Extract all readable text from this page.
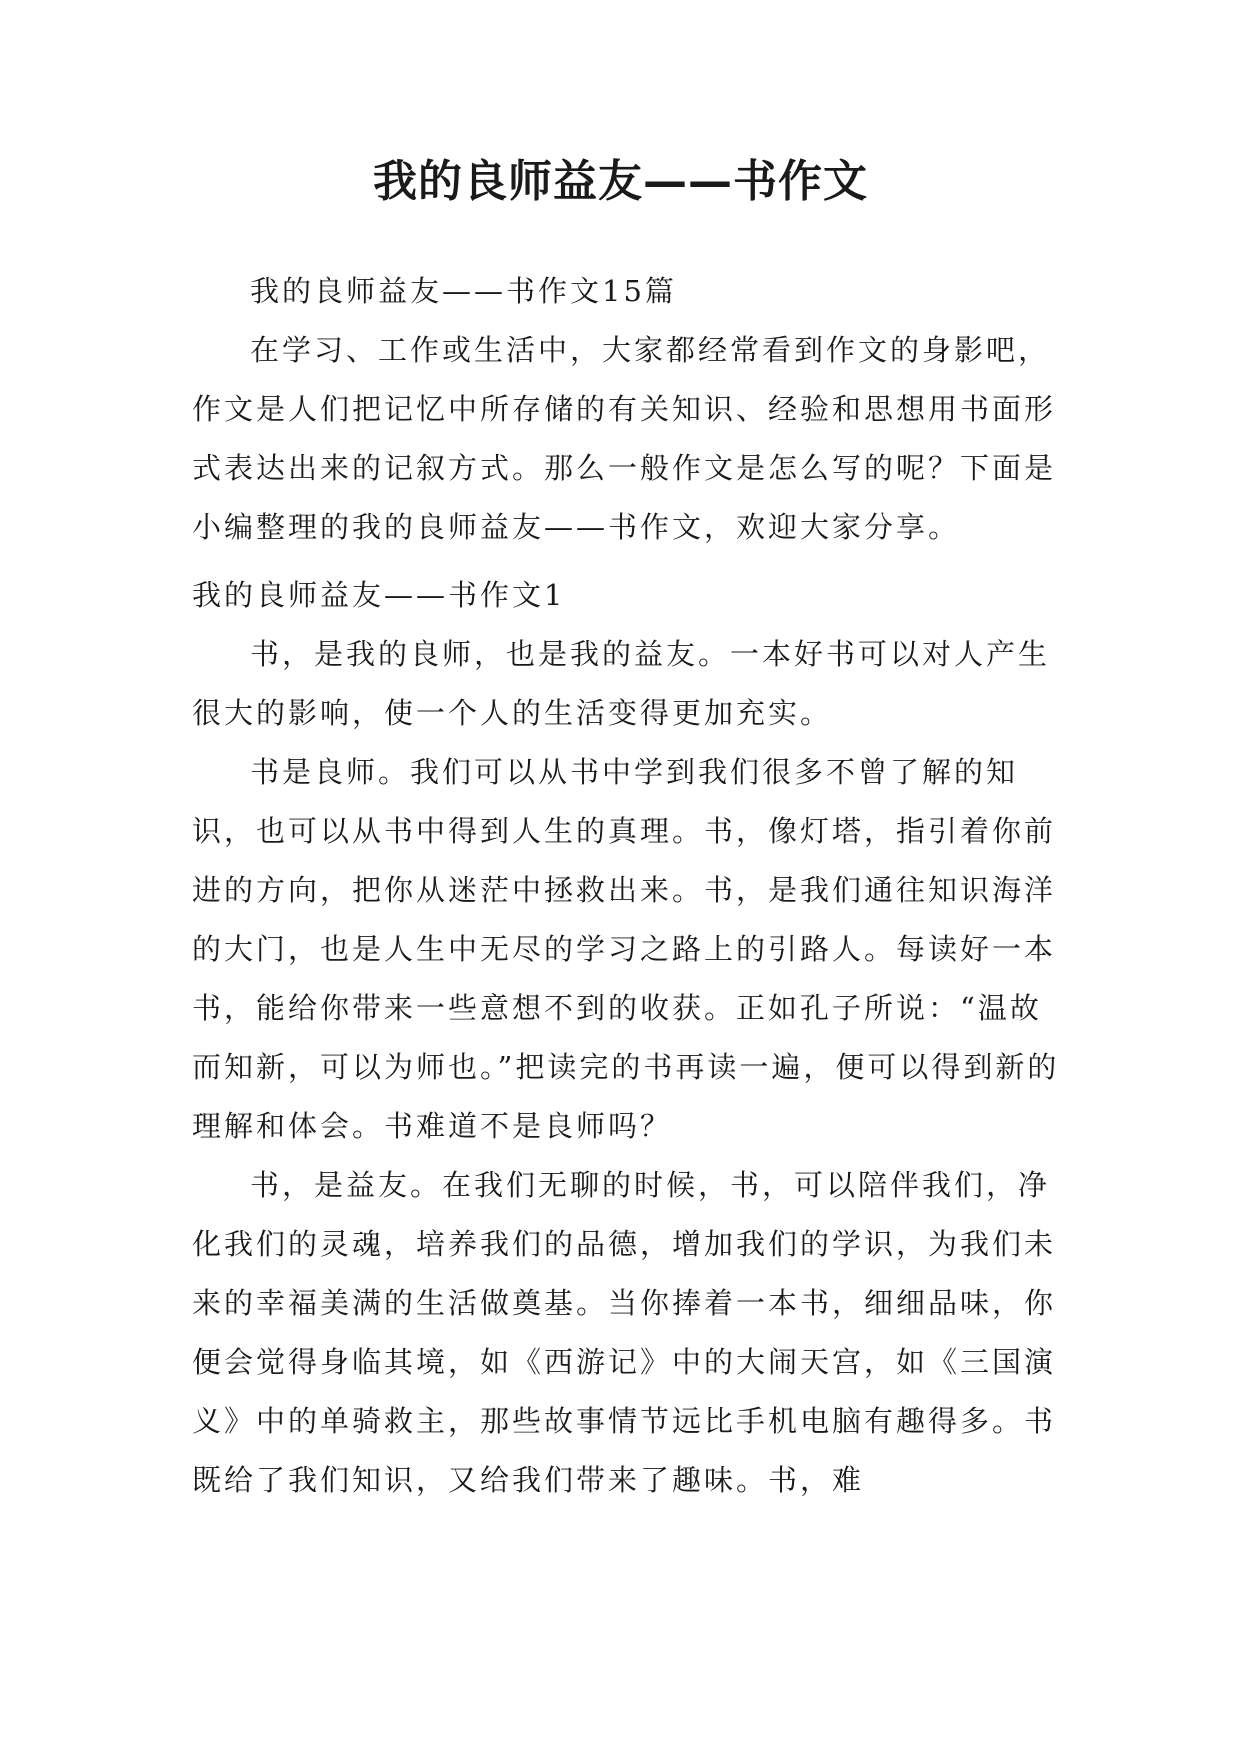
我的良师益友——书作文

我的良师益友——书作文15篇

在学习、工作或生活中，大家都经常看到作文的身影吧，作文是人们把记忆中所存储的有关知识、经验和思想用书面形式表达出来的记叙方式。那么一般作文是怎么写的呢？下面是小编整理的我的良师益友——书作文，欢迎大家分享。

我的良师益友——书作文1

书，是我的良师，也是我的益友。一本好书可以对人产生很大的影响，使一个人的生活变得更加充实。

书是良师。我们可以从书中学到我们很多不曾了解的知识，也可以从书中得到人生的真理。书，像灯塔，指引着你前进的方向，把你从迷茫中拯救出来。书，是我们通往知识海洋的大门，也是人生中无尽的学习之路上的引路人。每读好一本书，能给你带来一些意想不到的收获。正如孔子所说：“温故而知新，可以为师也。”把读完的书再读一遍，便可以得到新的理解和体会。书难道不是良师吗？

书，是益友。在我们无聊的时候，书，可以陪伴我们，净化我们的灵魂，培养我们的品德，增加我们的学识，为我们未来的幸福美满的生活做奠基。当你捧着一本书，细细品味，你便会觉得身临其境，如《西游记》中的大闹天宫，如《三国演义》中的单骑救主，那些故事情节远比手机电脑有趣得多。书既给了我们知识，又给我们带来了趣味。书，难
